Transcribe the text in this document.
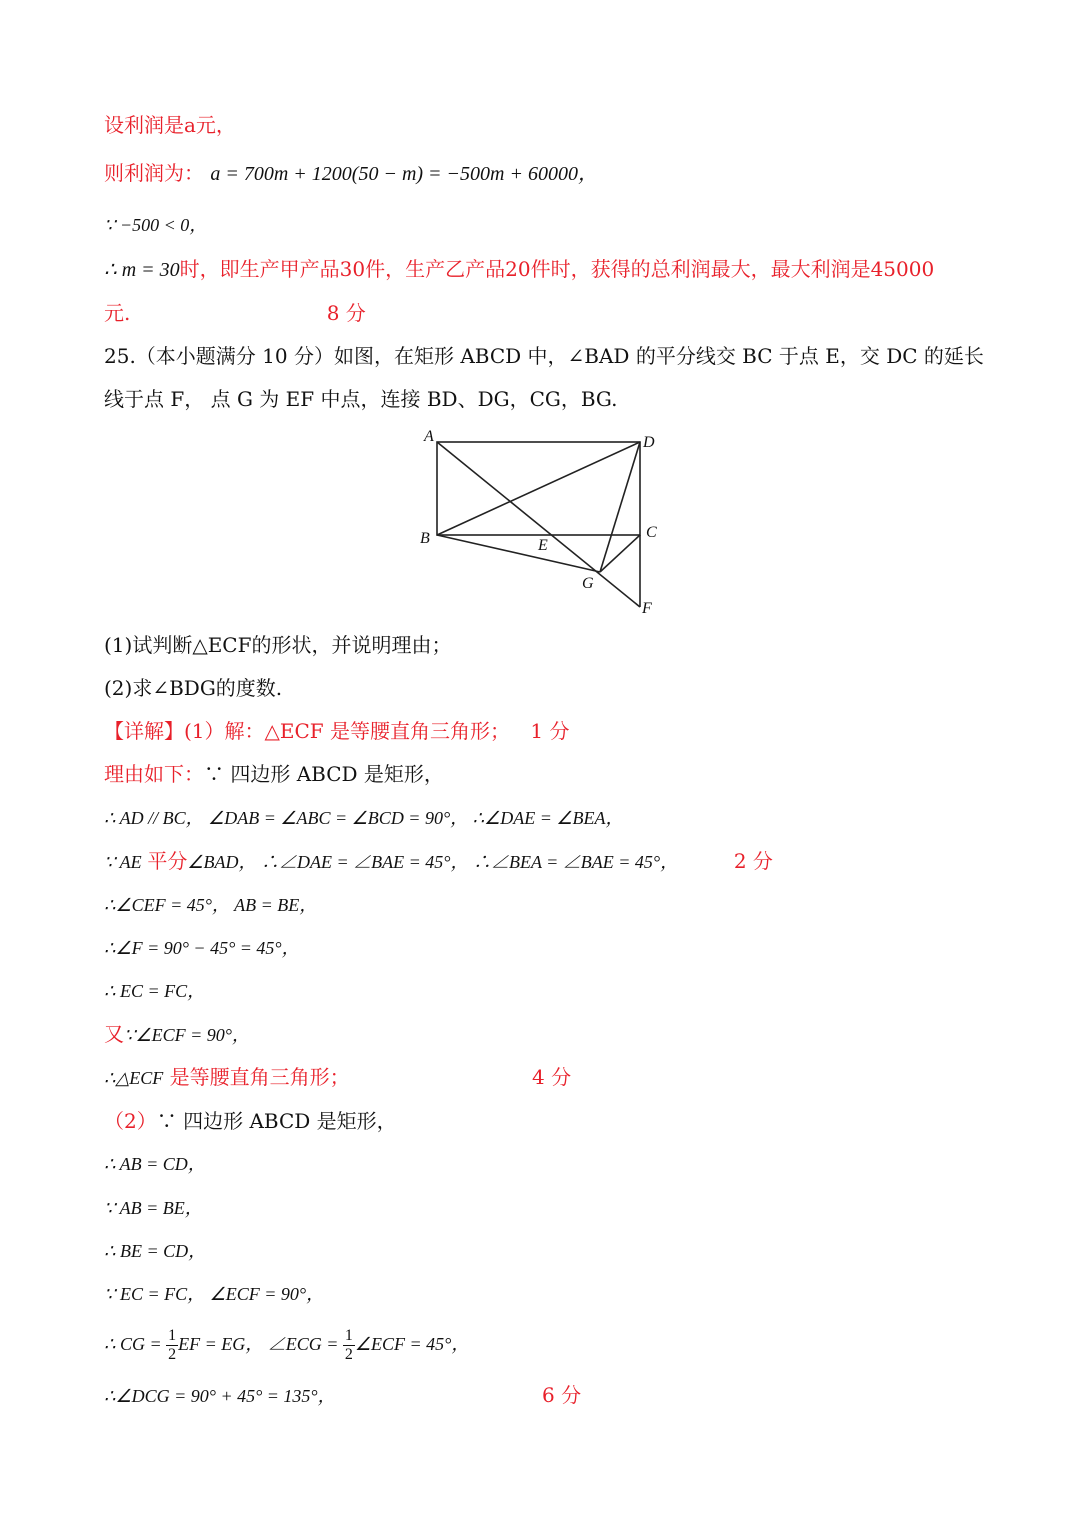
设利润是a元，
则利润为： a = 700m + 1200(50 − m) = −500m + 60000，
∵ −500 < 0，
∴ m = 30时，即生产甲产品30件，生产乙产品20件时，获得的总利润最大，最大利润是45000
元.	8 分
25.（本小题满分 10 分）如图，在矩形 ABCD 中，∠BAD 的平分线交 BC 于点 E，交 DC 的延长
线于点 F， 点 G 为 EF 中点，连接 BD、DG，CG，BG.
A	D
B	C
E
G
F
(1)试判断△ECF的形状，并说明理由；
(2)求∠BDG的度数.
【详解】(1）解：△ECF 是等腰直角三角形； 1 分
理由如下：∵ 四边形 ABCD 是矩形，
∴ AD // BC， ∠DAB = ∠ABC = ∠BCD = 90°， ∴∠DAE = ∠BEA，
∵ AE 平分∠BAD， ∴∠DAE = ∠BAE = 45°， ∴∠BEA = ∠BAE = 45°，	2 分
∴∠CEF = 45°， AB = BE，
∴∠F = 90° − 45° = 45°，
∴ EC = FC，
又∵∠ECF = 90°，
∴△ECF 是等腰直角三角形；	4 分
（2）∵ 四边形 ABCD 是矩形，
∴ AB = CD，
∵ AB = BE，
∴ BE = CD，
∵ EC = FC， ∠ECF = 90°，
∴ CG = $\frac{1}{2}$ EF = EG， ∠ECG = $\frac{1}{2}$ ∠ECF = 45°，
∴∠DCG = 90° + 45° = 135°，	6 分
